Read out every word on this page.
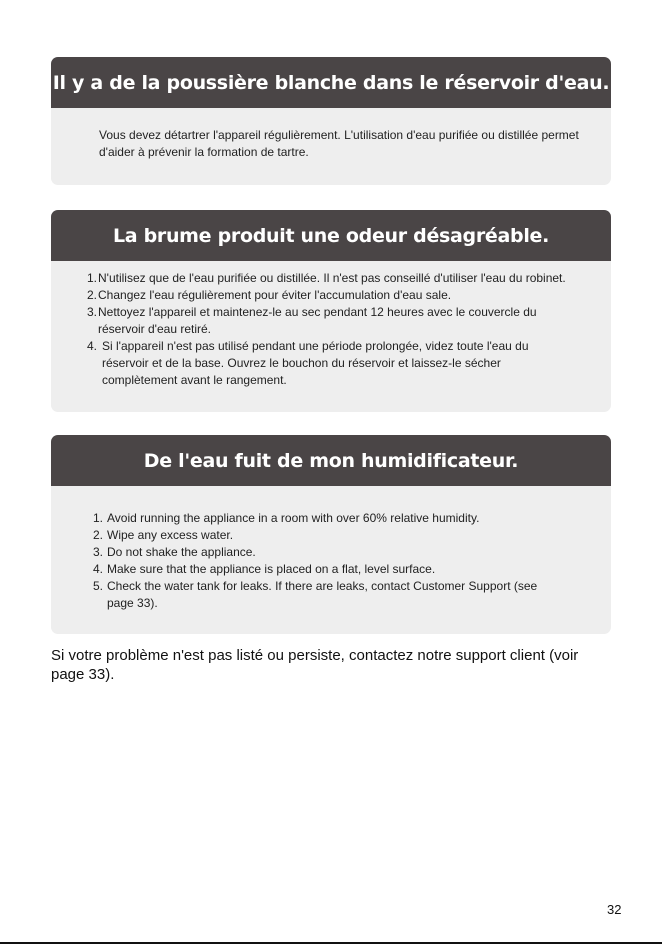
Il y a de la poussière blanche dans le réservoir d'eau.

Vous devez détartrer l'appareil régulièrement. L'utilisation d'eau purifiée ou distillée permet d'aider à prévenir la formation de tartre.

La brume produit une odeur désagréable.
1. N'utilisez que de l'eau purifiée ou distillée. Il n'est pas conseillé d'utiliser l'eau du robinet.
2. Changez l'eau régulièrement pour éviter l'accumulation d'eau sale.
3. Nettoyez l'appareil et maintenez-le au sec pendant 12 heures avec le couvercle du réservoir d'eau retiré.
4. Si l'appareil n'est pas utilisé pendant une période prolongée, videz toute l'eau du réservoir et de la base. Ouvrez le bouchon du réservoir et laissez-le sécher complètement avant le rangement.
De l'eau fuit de mon humidificateur.
1. Avoid running the appliance in a room with over 60% relative humidity.
2. Wipe any excess water.
3. Do not shake the appliance.
4. Make sure that the appliance is placed on a flat, level surface.
5. Check the water tank for leaks. If there are leaks, contact Customer Support (see page 33).

Si votre problème n'est pas listé ou persiste, contactez notre support client (voir page 33).

32
